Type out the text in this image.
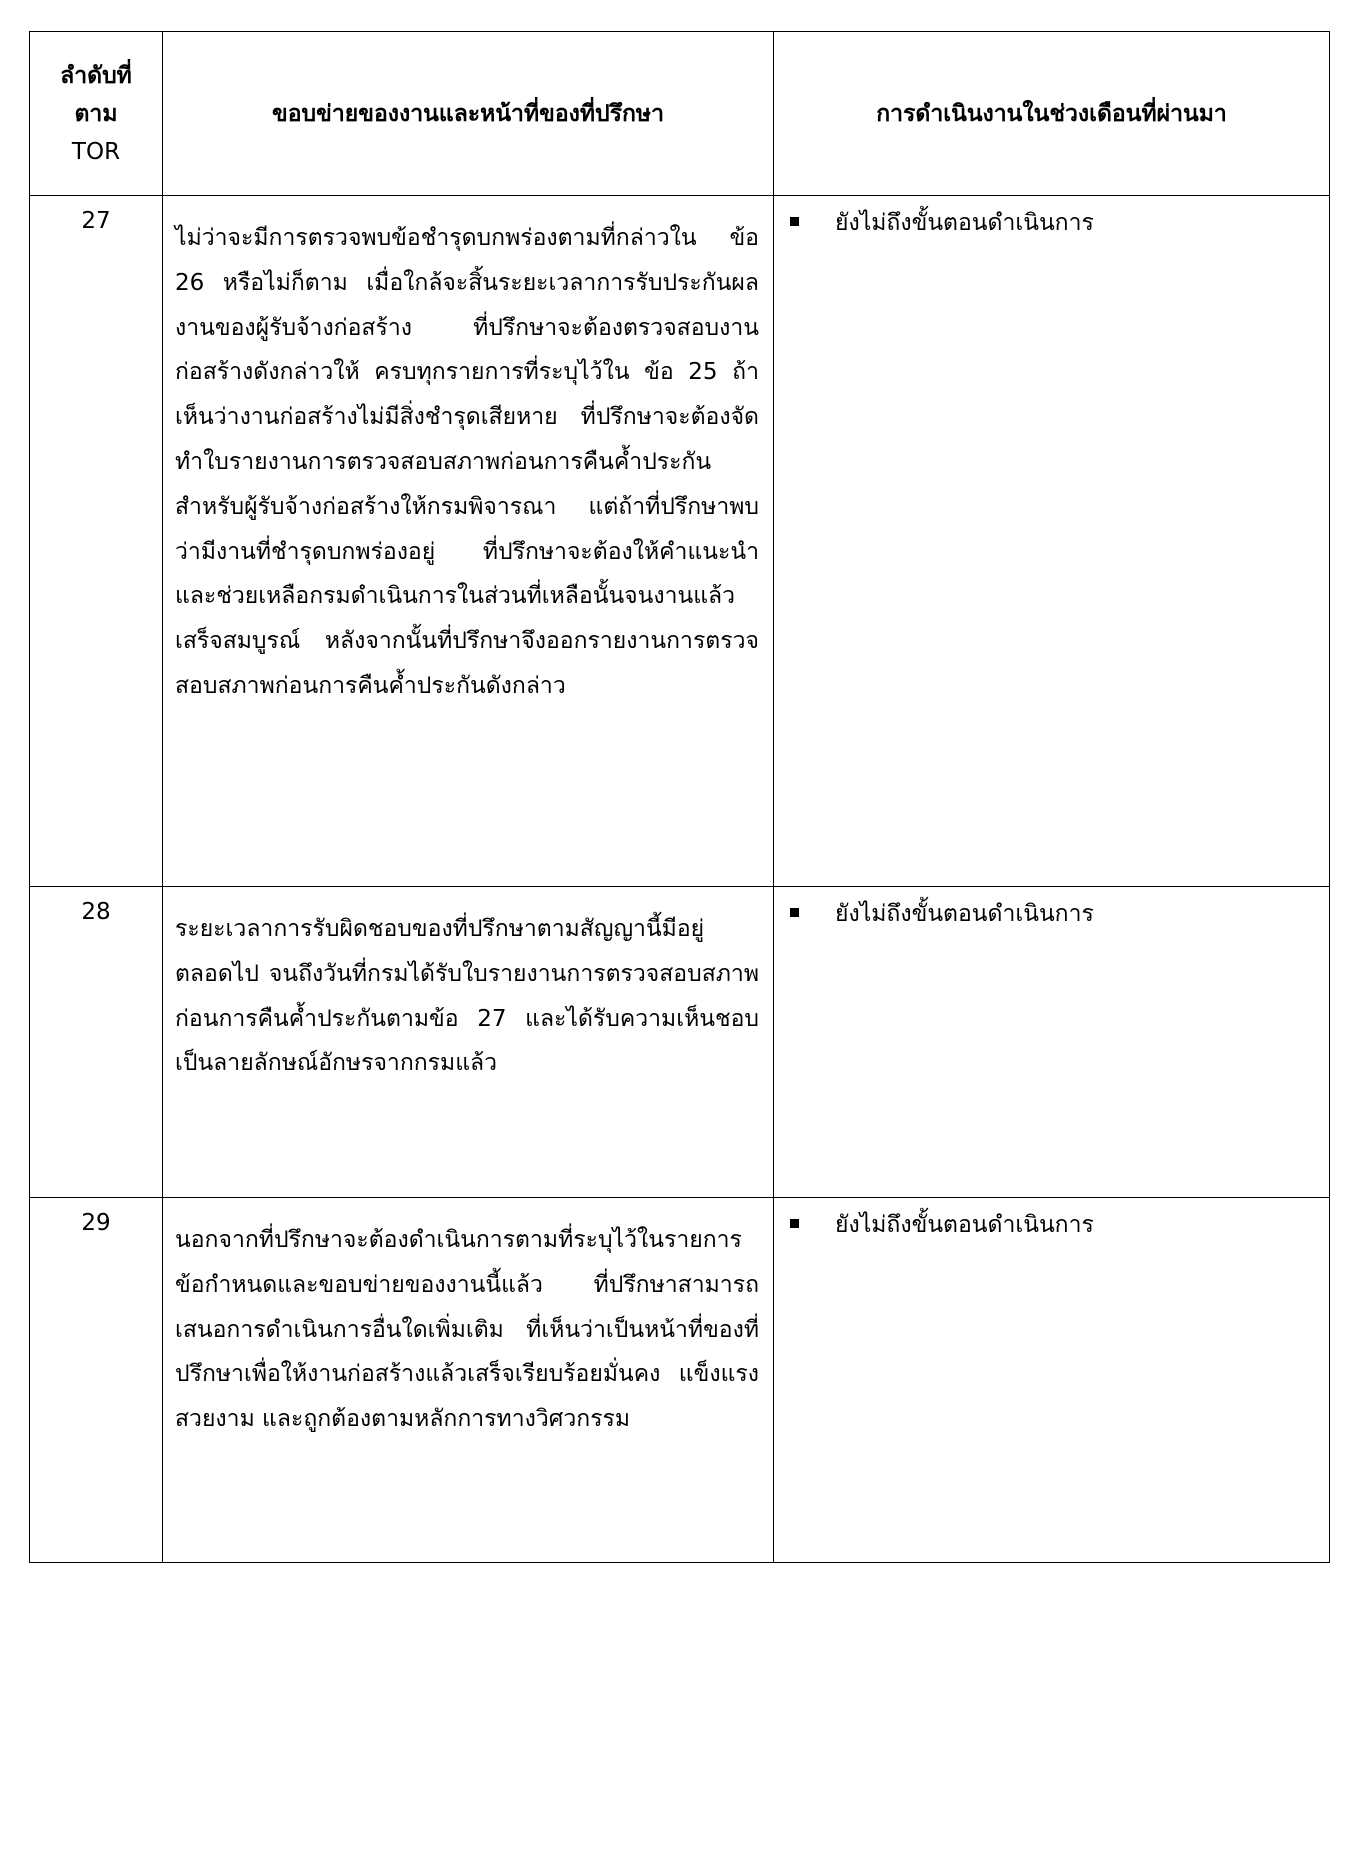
ลำดับที่
ตาม
TOR	ขอบข่ายของงานและหน้าที่ของที่ปรึกษา	การดำเนินงานในช่วงเดือนที่ผ่านมา
27	ไม่ว่าจะมีการตรวจพบข้อชำรุดบกพร่องตามที่กล่าวใน ข้อ 26 หรือไม่ก็ตาม เมื่อใกล้จะสิ้นระยะเวลาการรับประกันผลงานของผู้รับจ้างก่อสร้าง ที่ปรึกษาจะต้องตรวจสอบงานก่อสร้างดังกล่าวให้ ครบทุกรายการที่ระบุไว้ใน ข้อ 25 ถ้าเห็นว่างานก่อสร้างไม่มีสิ่งชำรุดเสียหาย ที่ปรึกษาจะต้องจัดทำใบรายงานการตรวจสอบสภาพก่อนการคืนค้ำประกันสำหรับผู้รับจ้างก่อสร้างให้กรมพิจารณา แต่ถ้าที่ปรึกษาพบว่ามีงานที่ชำรุดบกพร่องอยู่ ที่ปรึกษาจะต้องให้คำแนะนำและช่วยเหลือกรมดำเนินการในส่วนที่เหลือนั้นจนงานแล้วเสร็จสมบูรณ์ หลังจากนั้นที่ปรึกษาจึงออกรายงานการตรวจสอบสภาพก่อนการคืนค้ำประกันดังกล่าว	ยังไม่ถึงขั้นตอนดำเนินการ

28	ระยะเวลาการรับผิดชอบของที่ปรึกษาตามสัญญานี้มีอยู่ตลอดไป จนถึงวันที่กรมได้รับใบรายงานการตรวจสอบสภาพก่อนการคืนค้ำประกันตามข้อ 27 และได้รับความเห็นชอบเป็นลายลักษณ์อักษรจากกรมแล้ว	ยังไม่ถึงขั้นตอนดำเนินการ

29	นอกจากที่ปรึกษาจะต้องดำเนินการตามที่ระบุไว้ในรายการข้อกำหนดและขอบข่ายของงานนี้แล้ว ที่ปรึกษาสามารถเสนอการดำเนินการอื่นใดเพิ่มเติม ที่เห็นว่าเป็นหน้าที่ของที่ปรึกษาเพื่อให้งานก่อสร้างแล้วเสร็จเรียบร้อยมั่นคง แข็งแรง สวยงาม และถูกต้องตามหลักการทางวิศวกรรม	ยังไม่ถึงขั้นตอนดำเนินการ
